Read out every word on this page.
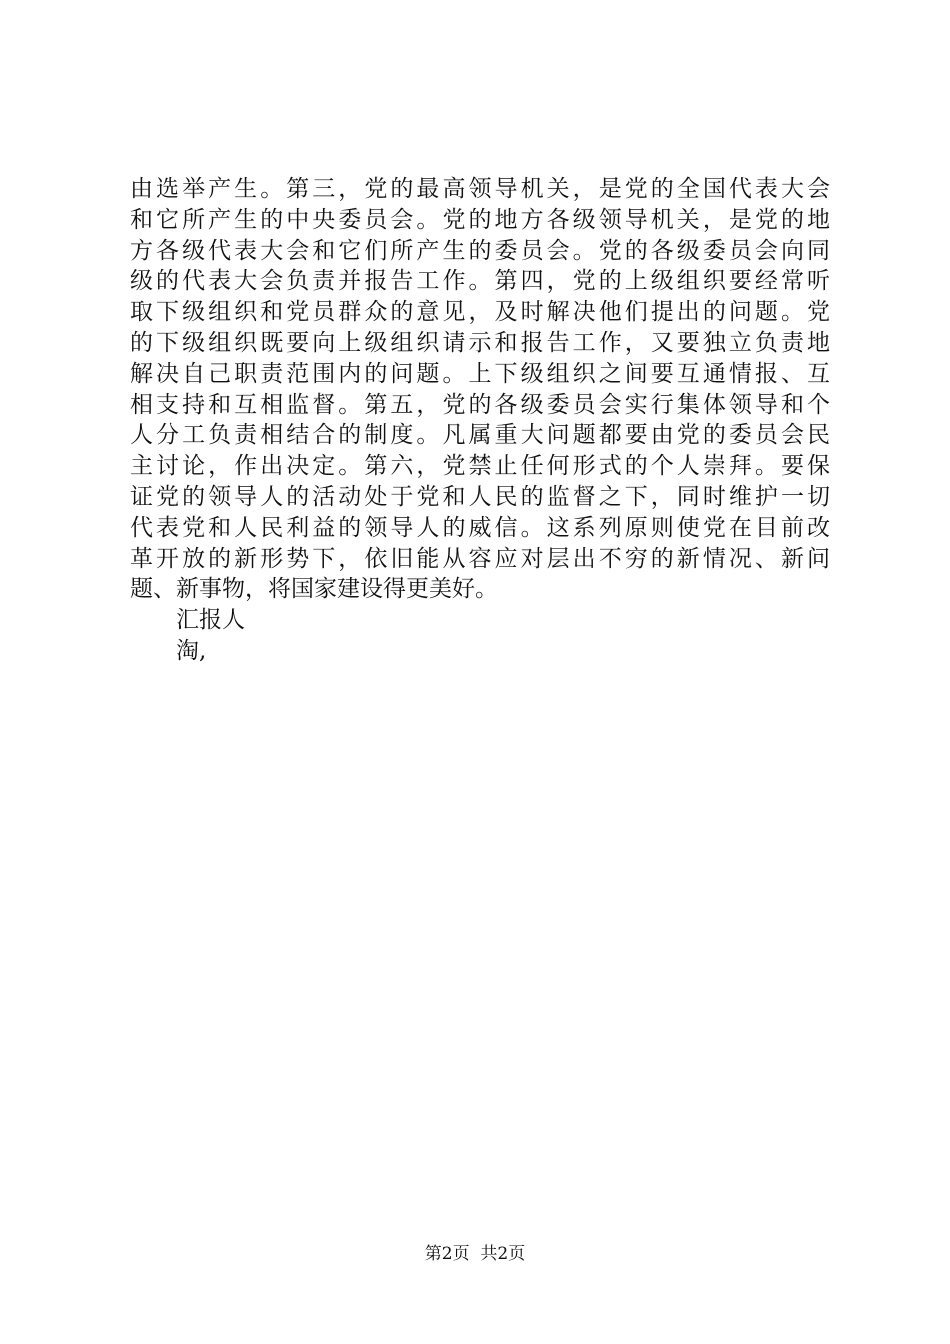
由选举产生。第三，党的最高领导机关，是党的全国代表大会
和它所产生的中央委员会。党的地方各级领导机关，是党的地
方各级代表大会和它们所产生的委员会。党的各级委员会向同
级的代表大会负责并报告工作。第四，党的上级组织要经常听
取下级组织和党员群众的意见，及时解决他们提出的问题。党
的下级组织既要向上级组织请示和报告工作，又要独立负责地
解决自己职责范围内的问题。上下级组织之间要互通情报、互
相支持和互相监督。第五，党的各级委员会实行集体领导和个
人分工负责相结合的制度。凡属重大问题都要由党的委员会民
主讨论，作出决定。第六，党禁止任何形式的个人崇拜。要保
证党的领导人的活动处于党和人民的监督之下，同时维护一切
代表党和人民利益的领导人的威信。这系列原则使党在目前改
革开放的新形势下，依旧能从容应对层出不穷的新情况、新问
题、新事物，将国家建设得更美好。
汇报人
淘,
第2页  共2页
